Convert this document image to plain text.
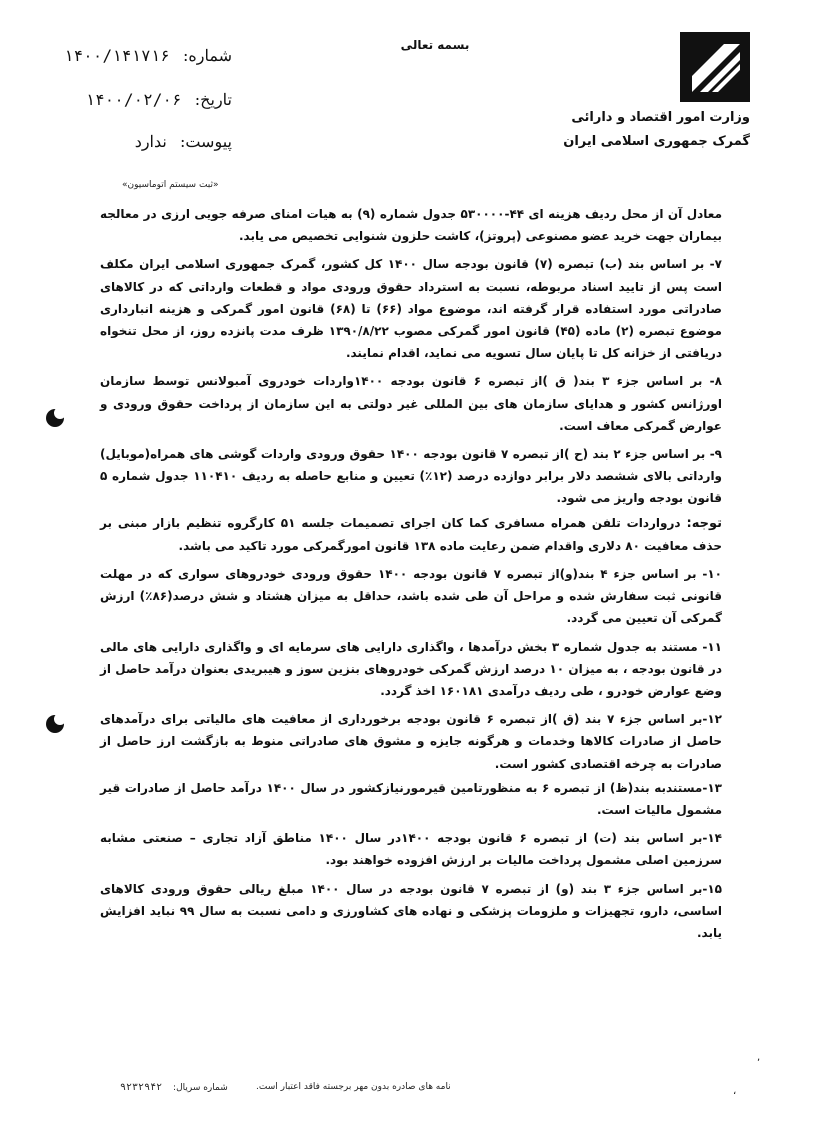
بسمه تعالی
وزارت امور اقتصاد و دارائی
گمرک جمهوری اسلامی ایران
شماره: ۱۴۰۰/۱۴۱۷۱۶
تاریخ: ۱۴۰۰/۰۲/۰۶
پیوست: ندارد
«ثبت سیستم اتوماسیون»

معادل آن از محل ردیف هزینه ای ۴۴-۵۳۰۰۰۰ جدول شماره (۹) به هیات امنای صرفه جویی ارزی در معالجه بیماران جهت خرید عضو مصنوعی (پروتز)، کاشت حلزون شنوایی تخصیص می یابد.

۷- بر اساس بند (ب) تبصره (۷) قانون بودجه سال ۱۴۰۰ کل کشور، گمرک جمهوری اسلامی ایران مکلف است پس از تایید اسناد مربوطه، نسبت به استرداد حقوق ورودی مواد و قطعات وارداتی که در کالاهای صادراتی مورد استفاده قرار گرفته اند، موضوع مواد (۶۶) تا (۶۸) قانون امور گمرکی و هزینه انبارداری موضوع تبصره (۲) ماده (۴۵) قانون امور گمرکی مصوب ۱۳۹۰/۸/۲۲ ظرف مدت پانزده روز، از محل تنخواه دریافتی از خزانه کل تا پایان سال تسویه می نماید، اقدام نمایند.

۸- بر اساس جزء ۳ بند( ق )از تبصره ۶ قانون بودجه ۱۴۰۰واردات خودروی آمبولانس توسط سازمان اورژانس کشور و هدایای سازمان های بین المللی غیر دولتی به این سازمان از پرداخت حقوق ورودی و عوارض گمرکی معاف است.

۹- بر اساس جزء ۲ بند (ح )از تبصره ۷ قانون بودجه ۱۴۰۰ حقوق ورودی واردات گوشی های همراه(موبایل) وارداتی بالای ششصد دلار برابر دوازده درصد (۱۲٪) تعیین و منابع حاصله به ردیف ۱۱۰۴۱۰ جدول شماره ۵ قانون بودجه واریز می شود.

توجه: درواردات تلفن همراه مسافری کما کان اجرای تصمیمات جلسه ۵۱ کارگروه تنظیم بازار مبنی بر حذف معافیت ۸۰ دلاری واقدام ضمن رعایت ماده ۱۳۸ قانون امورگمرکی مورد تاکید می باشد.

۱۰- بر اساس جزء ۴ بند(و)از تبصره ۷ قانون بودجه ۱۴۰۰ حقوق ورودی خودروهای سواری که در مهلت قانونی ثبت سفارش شده و مراحل آن طی شده باشد، حداقل به میزان هشتاد و شش درصد(۸۶٪) ارزش گمرکی آن تعیین می گردد.

۱۱- مستند به جدول شماره ۳ بخش درآمدها ، واگذاری دارایی های سرمایه ای و واگذاری دارایی های مالی در قانون بودجه ، به میزان ۱۰ درصد ارزش گمرکی خودروهای بنزین سوز و هیبریدی بعنوان درآمد حاصل از وضع عوارض خودرو ، طی ردیف درآمدی ۱۶۰۱۸۱ اخذ گردد.

۱۲-بر اساس جزء ۷ بند (ق )از تبصره ۶ قانون بودجه برخورداری از معافیت های مالیاتی برای درآمدهای حاصل از صادرات کالاها وخدمات و هرگونه جایزه و مشوق های صادراتی منوط به بازگشت ارز حاصل از صادرات به چرخه اقتصادی کشور است.

۱۳-مستندبه بند(ظ) از تبصره ۶ به منظورتامین قیرمورنیازکشور در سال ۱۴۰۰ درآمد حاصل از صادرات قیر مشمول مالیات است.

۱۴-بر اساس بند (ت) از تبصره ۶ قانون بودجه ۱۴۰۰در سال ۱۴۰۰ مناطق آزاد تجاری – صنعتی مشابه سرزمین اصلی مشمول پرداخت مالیات بر ارزش افزوده خواهند بود.

۱۵-بر اساس جزء ۳ بند (و) از تبصره ۷ قانون بودجه در سال ۱۴۰۰ مبلغ ریالی حقوق ورودی کالاهای اساسی، دارو، تجهیزات و ملزومات پزشکی و نهاده های کشاورزی و دامی نسبت به سال ۹۹ نباید افزایش یابد.

,
،
نامه های صادره بدون مهر برجسته فاقد اعتبار است.
شماره سریال: ۹۲۳۲۹۴۲
